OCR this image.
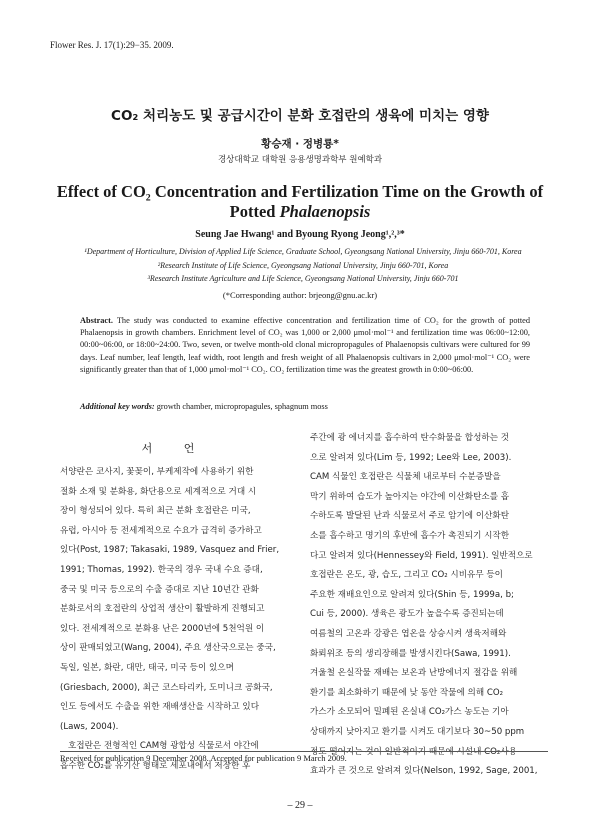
Flower Res. J. 17(1):29−35. 2009.
CO₂ 처리농도 및 공급시간이 분화 호접란의 생육에 미치는 영향
황승재 · 정병룡*
경상대학교 대학원 응용생명과학부 원예학과
Effect of CO₂ Concentration and Fertilization Time on the Growth of
Potted Phalaenopsis
Seung Jae Hwang¹ and Byoung Ryong Jeong¹,²,³*
¹Department of Horticulture, Division of Applied Life Science, Graduate School, Gyeongsang National University, Jinju 660-701, Korea
²Research Institute of Life Science, Gyeongsang National University, Jinju 660-701, Korea
³Research Institute Agriculture and Life Science, Gyeongsang National University, Jinju 660-701
(*Corresponding author: brjeong@gnu.ac.kr)
Abstract. The study was conducted to examine effective concentration and fertilization time of CO₂ for the growth of potted Phalaenopsis in growth chambers. Enrichment level of CO₂ was 1,000 or 2,000 μmol·mol⁻¹ and fertilization time was 06:00~12:00, 00:00~06:00, or 18:00~24:00. Two, seven, or twelve month-old clonal micropropagules of Phalaenopsis cultivars were cultured for 99 days. Leaf number, leaf length, leaf width, root length and fresh weight of all Phalaenopsis cultivars in 2,000 μmol·mol⁻¹ CO₂ were significantly greater than that of 1,000 μmol·mol⁻¹ CO₂. CO₂ fertilization time was the greatest growth in 0:00~06:00.
Additional key words: growth chamber, micropropagules, sphagnum moss
서 언
서양란은 코사지, 꽃꽂이, 부케제작에 사용하기 위한
절화 소재 및 분화용, 화단용으로 세계적으로 거대 시
장이 형성되어 있다. 특히 최근 분화 호접란은 미국,
유럽, 아시아 등 전세계적으로 수요가 급격히 증가하고
있다(Post, 1987; Takasaki, 1989, Vasquez and Frier,
1991; Thomas, 1992). 한국의 경우 국내 수요 증대,
중국 및 미국 등으로의 수출 증대로 지난 10년간 관화
분화로서의 호접란의 상업적 생산이 활발하게 진행되고
있다. 전세계적으로 분화용 난은 2000년에 5천억원 이
상이 판매되었고(Wang, 2004), 주요 생산국으로는 중국,
독일, 일본, 화란, 대만, 태국, 미국 등이 있으며
(Griesbach, 2000), 최근 코스타리카, 도미니크 공화국,
인도 등에서도 수출을 위한 재배생산을 시작하고 있다
(Laws, 2004).
호접란은 전형적인 CAM형 광합성 식물로서 야간에
흡수한 CO₂를 유기산 형태로 세포내에서 저장한 후
주간에 광 에너지를 흡수하여 탄수화물을 합성하는 것
으로 알려져 있다(Lim 등, 1992; Lee와 Lee, 2003).
CAM 식물인 호접란은 식물체 내로부터 수분증발을
막기 위하여 습도가 높아지는 야간에 이산화탄소를 흡
수하도록 발달된 난과 식물로서 주로 암기에 이산화탄
소를 흡수하고 명기의 후반에 흡수가 촉진되기 시작한
다고 알려져 있다(Hennessey와 Field, 1991). 일반적으로
호접란은 온도, 광, 습도, 그리고 CO₂ 시비유무 등이
주요한 재배요인으로 알려져 있다(Shin 등, 1999a, b;
Cui 등, 2000). 생육은 광도가 높을수록 증진되는데
여름철의 고온과 강광은 엽온을 상승시켜 생육저해와
화뢰위조 등의 생리장해를 발생시킨다(Sawa, 1991).
겨울철 온실작물 재배는 보온과 난방에너지 절감을 위해
환기를 최소화하기 때문에 낮 동안 작물에 의해 CO₂
가스가 소모되어 밀폐된 온실내 CO₂가스 농도는 기아
상태까지 낮아지고 환기를 시켜도 대기보다 30~50 ppm
정도 떨어지는 것이 일반적이기 때문에 시설내 CO₂사용
효과가 큰 것으로 알려져 있다(Nelson, 1992, Sage, 2001,
Received for publication 9 December 2008. Accepted for publication 9 March 2009.
– 29 –
